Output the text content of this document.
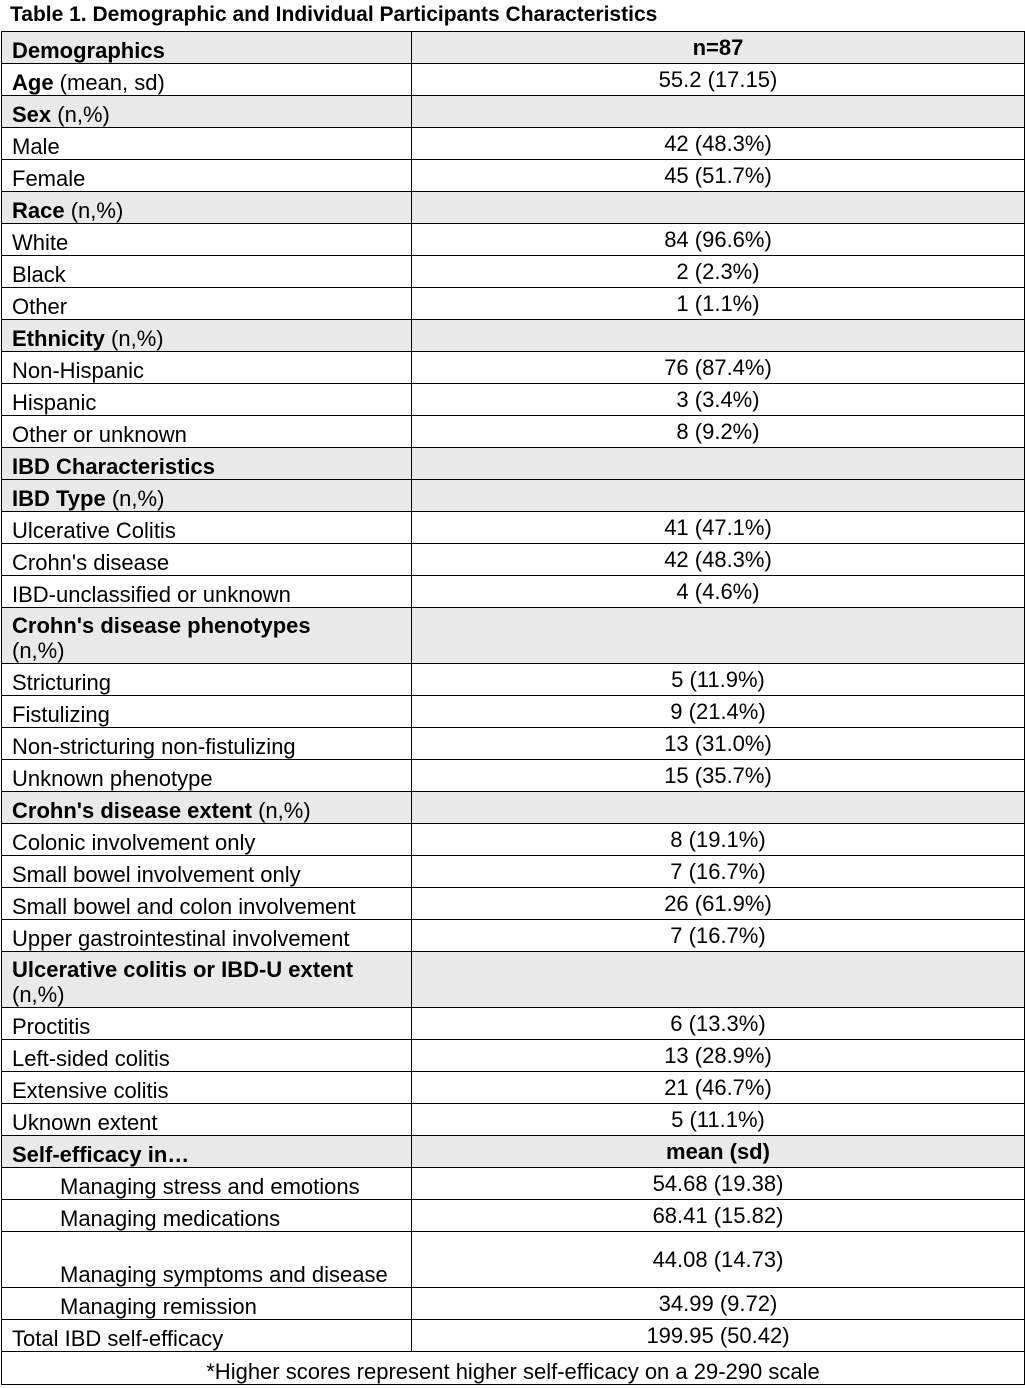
Table 1. Demographic and Individual Participants Characteristics
Demographics	n=87
Age (mean, sd)	55.2 (17.15)
Sex (n,%)	
Male	42 (48.3%)
Female	45 (51.7%)
Race (n,%)	
White	84 (96.6%)
Black	2 (2.3%)
Other	1 (1.1%)
Ethnicity (n,%)	
Non-Hispanic	76 (87.4%)
Hispanic	3 (3.4%)
Other or unknown	8 (9.2%)
IBD Characteristics	
IBD Type (n,%)	
Ulcerative Colitis	41 (47.1%)
Crohn's disease	42 (48.3%)
IBD-unclassified or unknown	4 (4.6%)

Crohn's disease phenotypes
(n,%)	

Stricturing	5 (11.9%)
Fistulizing	9 (21.4%)
Non-stricturing non-fistulizing	13 (31.0%)
Unknown phenotype	15 (35.7%)
Crohn's disease extent (n,%)	
Colonic involvement only	8 (19.1%)
Small bowel involvement only	7 (16.7%)
Small bowel and colon involvement	26 (61.9%)
Upper gastrointestinal involvement	7 (16.7%)

Ulcerative colitis or IBD-U extent
(n,%)	

Proctitis	6 (13.3%)
Left-sided colitis	13 (28.9%)
Extensive colitis	21 (46.7%)
Uknown extent	5 (11.1%)
Self-efficacy in…	mean (sd)

Managing stress and emotions	54.68 (19.38)

Managing medications	68.41 (15.82)

Managing symptoms and disease	44.08 (14.73)

Managing remission	34.99 (9.72)
Total IBD self-efficacy	199.95 (50.42)
*Higher scores represent higher self-efficacy on a 29-290 scale	
